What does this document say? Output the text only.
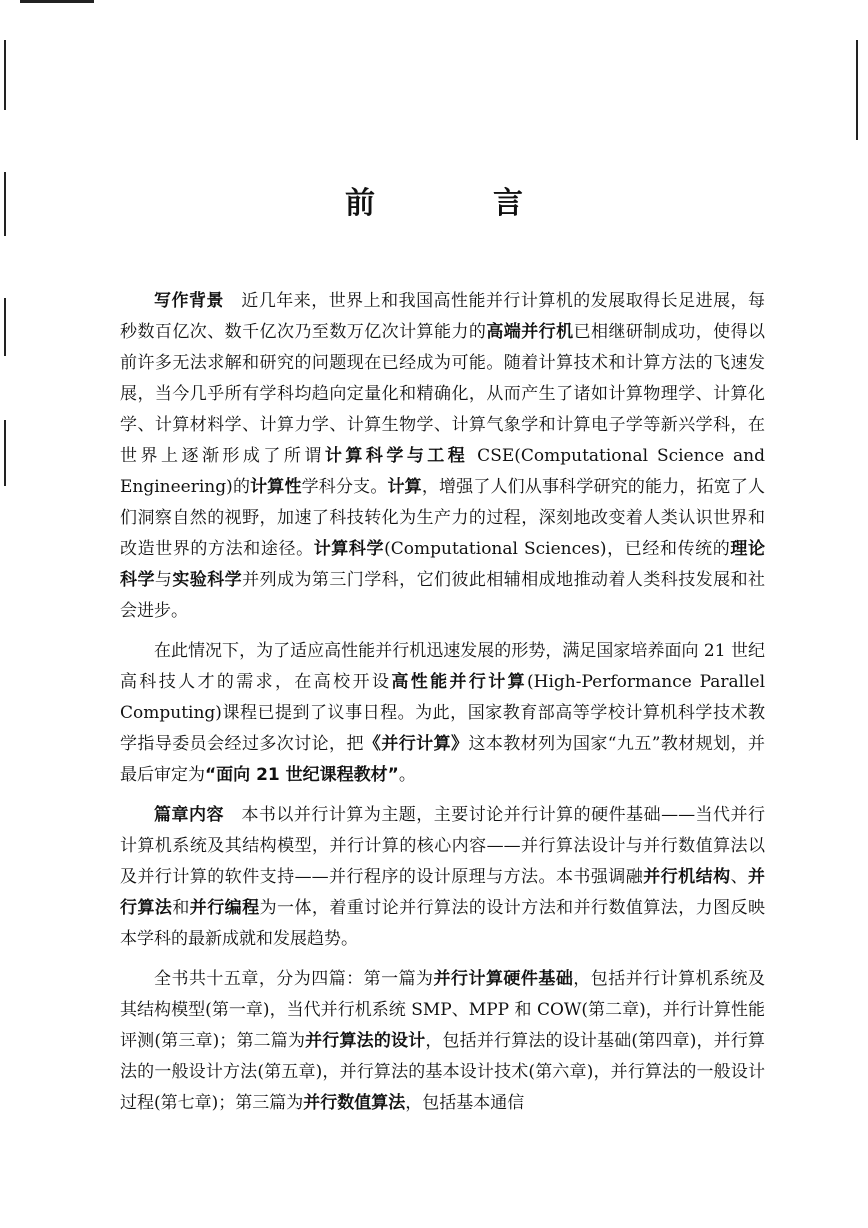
前　言

写作背景　近几年来，世界上和我国高性能并行计算机的发展取得长足进展，每秒数百亿次、数千亿次乃至数万亿次计算能力的高端并行机已相继研制成功，使得以前许多无法求解和研究的问题现在已经成为可能。随着计算技术和计算方法的飞速发展，当今几乎所有学科均趋向定量化和精确化，从而产生了诸如计算物理学、计算化学、计算材料学、计算力学、计算生物学、计算气象学和计算电子学等新兴学科，在世界上逐渐形成了所谓计算科学与工程 CSE(Computational Science and Engineering)的计算性学科分支。计算，增强了人们从事科学研究的能力，拓宽了人们洞察自然的视野，加速了科技转化为生产力的过程，深刻地改变着人类认识世界和改造世界的方法和途径。计算科学(Computational Sciences)，已经和传统的理论科学与实验科学并列成为第三门学科，它们彼此相辅相成地推动着人类科技发展和社会进步。

在此情况下，为了适应高性能并行机迅速发展的形势，满足国家培养面向 21 世纪高科技人才的需求，在高校开设高性能并行计算(High-Performance Parallel Computing)课程已提到了议事日程。为此，国家教育部高等学校计算机科学技术教学指导委员会经过多次讨论，把《并行计算》这本教材列为国家“九五”教材规划，并最后审定为“面向 21 世纪课程教材”。

篇章内容　本书以并行计算为主题，主要讨论并行计算的硬件基础——当代并行计算机系统及其结构模型，并行计算的核心内容——并行算法设计与并行数值算法以及并行计算的软件支持——并行程序的设计原理与方法。本书强调融并行机结构、并行算法和并行编程为一体，着重讨论并行算法的设计方法和并行数值算法，力图反映本学科的最新成就和发展趋势。

全书共十五章，分为四篇：第一篇为并行计算硬件基础，包括并行计算机系统及其结构模型(第一章)，当代并行机系统 SMP、MPP 和 COW(第二章)，并行计算性能评测(第三章)；第二篇为并行算法的设计，包括并行算法的设计基础(第四章)，并行算法的一般设计方法(第五章)，并行算法的基本设计技术(第六章)，并行算法的一般设计过程(第七章)；第三篇为并行数值算法，包括基本通信
